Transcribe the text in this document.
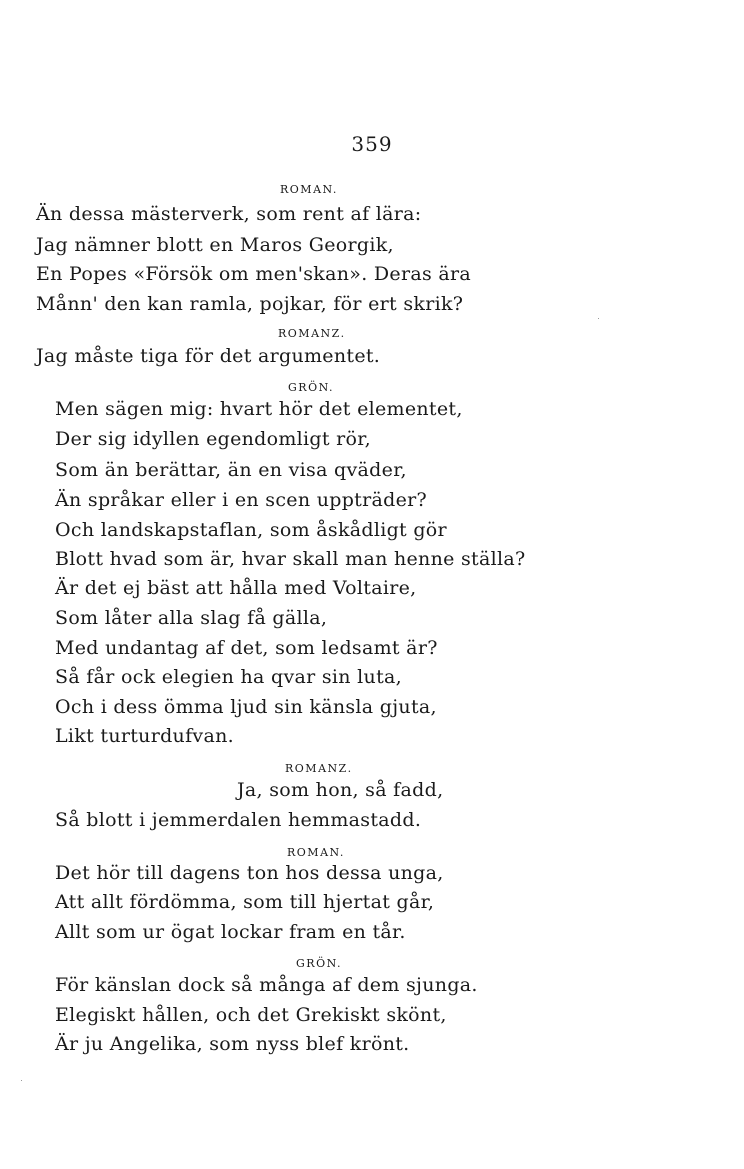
359
ROMAN.
Än dessa mästerverk, som rent af lära:
Jag nämner blott en Maros Georgik,
En Popes «Försök om men'skan». Deras ära
Månn' den kan ramla, pojkar, för ert skrik?
ROMANZ.
Jag måste tiga för det argumentet.
GRÖN.
Men sägen mig: hvart hör det elementet,
Der sig idyllen egendomligt rör,
Som än berättar, än en visa qväder,
Än språkar eller i en scen uppträder?
Och landskapstaflan, som åskådligt gör
Blott hvad som är, hvar skall man henne ställa?
Är det ej bäst att hålla med Voltaire,
Som låter alla slag få gälla,
Med undantag af det, som ledsamt är?
Så får ock elegien ha qvar sin luta,
Och i dess ömma ljud sin känsla gjuta,
Likt turturdufvan.
ROMANZ.
Ja, som hon, så fadd,
Så blott i jemmerdalen hemmastadd.
ROMAN.
Det hör till dagens ton hos dessa unga,
Att allt fördömma, som till hjertat går,
Allt som ur ögat lockar fram en tår.
GRÖN.
För känslan dock så många af dem sjunga.
Elegiskt hållen, och det Grekiskt skönt,
Är ju Angelika, som nyss blef krönt.
